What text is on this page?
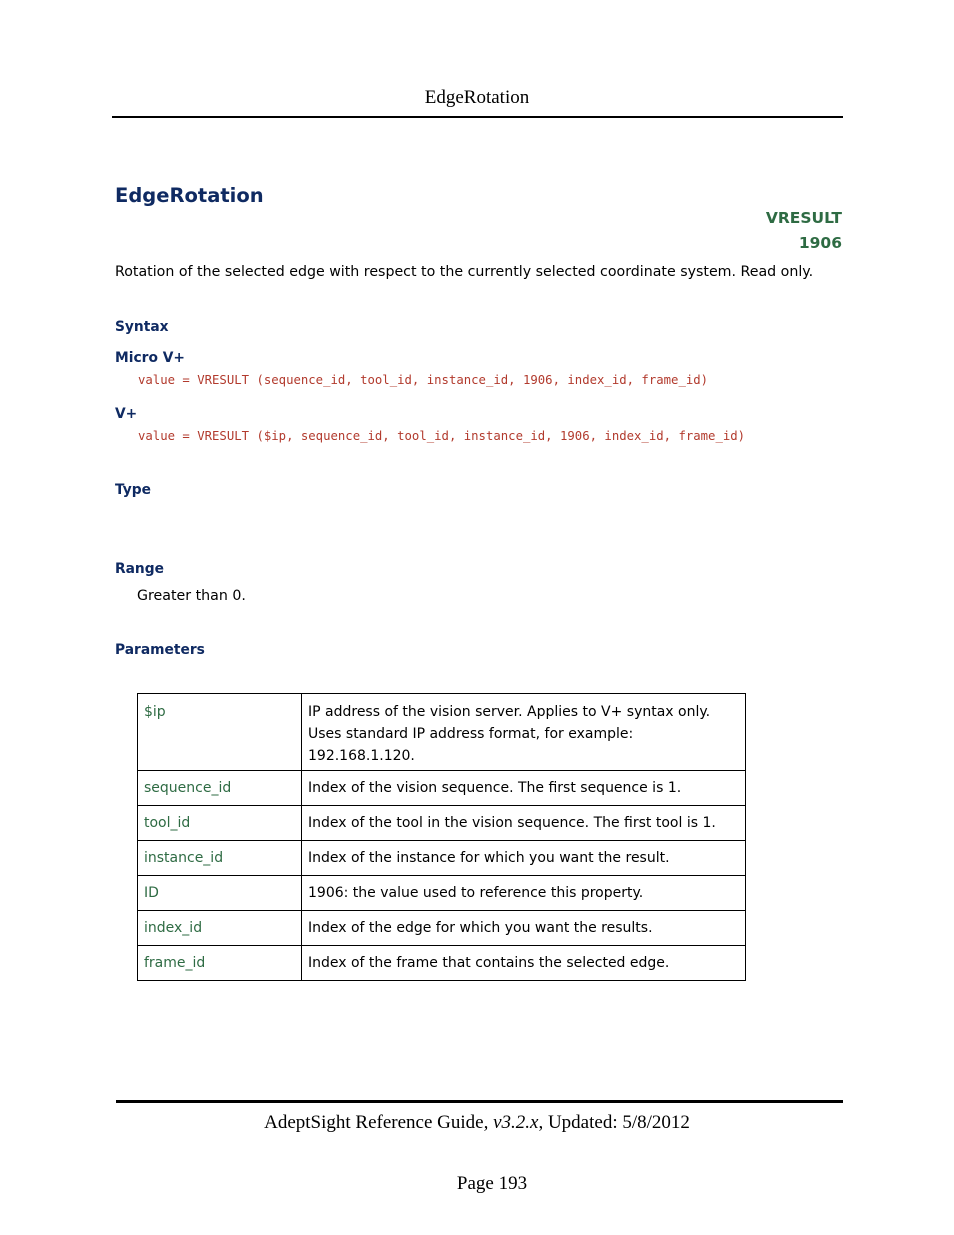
EdgeRotation
EdgeRotation
VRESULT
1906
Rotation of the selected edge with respect to the currently selected coordinate system. Read only.
Syntax
Micro V+
value = VRESULT (sequence_id, tool_id, instance_id, 1906, index_id, frame_id)
V+
value = VRESULT ($ip, sequence_id, tool_id, instance_id, 1906, index_id, frame_id)
Type
Range
Greater than 0.
Parameters
$ip	IP address of the vision server. Applies to V+ syntax only. Uses standard IP address format, for example: 192.168.1.120.
sequence_id	Index of the vision sequence. The first sequence is 1.
tool_id	Index of the tool in the vision sequence. The first tool is 1.
instance_id	Index of the instance for which you want the result.
ID	1906: the value used to reference this property.
index_id	Index of the edge for which you want the results.
frame_id	Index of the frame that contains the selected edge.
AdeptSight Reference Guide, v3.2.x, Updated: 5/8/2012
Page 193
